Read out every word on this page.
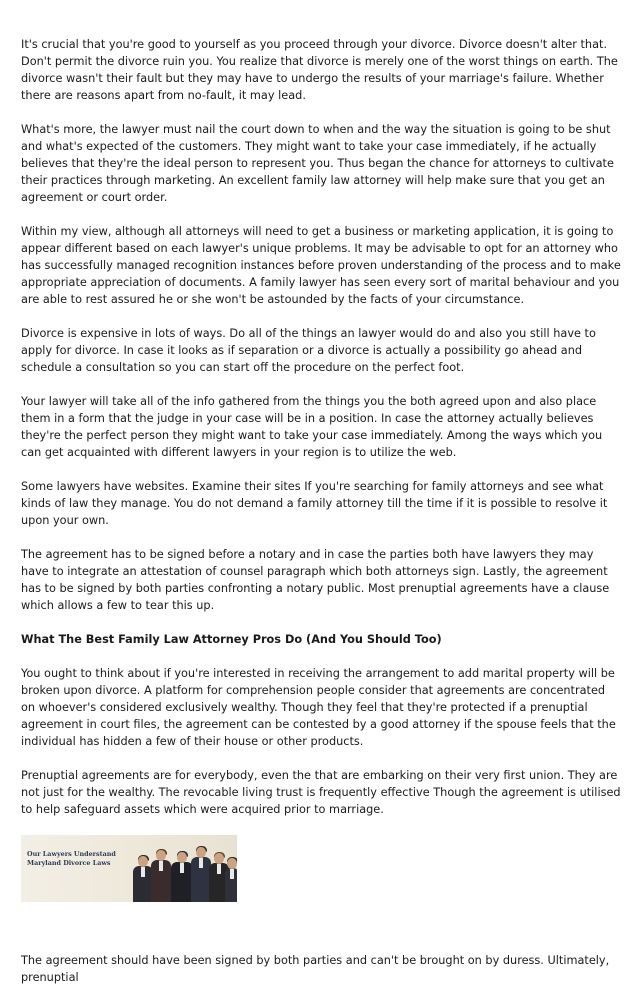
It's crucial that you're good to yourself as you proceed through your divorce. Divorce doesn't alter that. Don't permit the divorce ruin you. You realize that divorce is merely one of the worst things on earth. The divorce wasn't their fault but they may have to undergo the results of your marriage's failure. Whether there are reasons apart from no-fault, it may lead.

What's more, the lawyer must nail the court down to when and the way the situation is going to be shut and what's expected of the customers. They might want to take your case immediately, if he actually believes that they're the ideal person to represent you. Thus began the chance for attorneys to cultivate their practices through marketing. An excellent family law attorney will help make sure that you get an agreement or court order.

Within my view, although all attorneys will need to get a business or marketing application, it is going to appear different based on each lawyer's unique problems. It may be advisable to opt for an attorney who has successfully managed recognition instances before proven understanding of the process and to make appropriate appreciation of documents. A family lawyer has seen every sort of marital behaviour and you are able to rest assured he or she won't be astounded by the facts of your circumstance.

Divorce is expensive in lots of ways. Do all of the things an lawyer would do and also you still have to apply for divorce. In case it looks as if separation or a divorce is actually a possibility go ahead and schedule a consultation so you can start off the procedure on the perfect foot.

Your lawyer will take all of the info gathered from the things you the both agreed upon and also place them in a form that the judge in your case will be in a position. In case the attorney actually believes they're the perfect person they might want to take your case immediately. Among the ways which you can get acquainted with different lawyers in your region is to utilize the web.

Some lawyers have websites. Examine their sites If you're searching for family attorneys and see what kinds of law they manage. You do not demand a family attorney till the time if it is possible to resolve it upon your own.

The agreement has to be signed before a notary and in case the parties both have lawyers they may have to integrate an attestation of counsel paragraph which both attorneys sign. Lastly, the agreement has to be signed by both parties confronting a notary public. Most prenuptial agreements have a clause which allows a few to tear this up.

What The Best Family Law Attorney Pros Do (And You Should Too)

You ought to think about if you're interested in receiving the arrangement to add marital property will be broken upon divorce. A platform for comprehension people consider that agreements are concentrated on whoever's considered exclusively wealthy. Though they feel that they're protected if a prenuptial agreement in court files, the agreement can be contested by a good attorney if the spouse feels that the individual has hidden a few of their house or other products.

Prenuptial agreements are for everybody, even the that are embarking on their very first union. They are not just for the wealthy. The revocable living trust is frequently effective Though the agreement is utilised to help safeguard assets which were acquired prior to marriage.

Our Lawyers Understand
Maryland Divorce Laws

The agreement should have been signed by both parties and can't be brought on by duress. Ultimately, prenuptial
